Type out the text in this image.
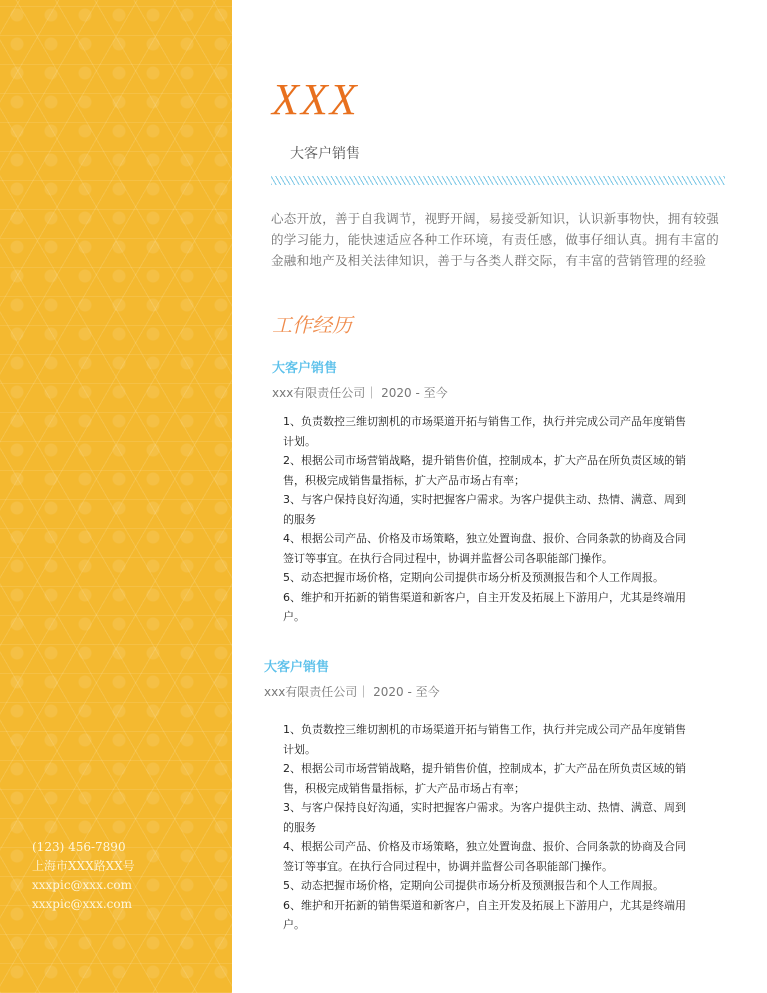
(123) 456-7890
上海市XXX路XX号
xxxpic@xxx.com
xxxpic@xxx.com
XXX
大客户销售

心态开放，善于自我调节，视野开阔，易接受新知识，认识新事物快，拥有较强的学习能力，能快速适应各种工作环境，有责任感，做事仔细认真。拥有丰富的金融和地产及相关法律知识，善于与各类人群交际，有丰富的营销管理的经验

工作经历
大客户销售
xxx有限责任公司｜ 2020 - 至今
1、负责数控三维切割机的市场渠道开拓与销售工作，执行并完成公司产品年度销售计划。
2、根据公司市场营销战略，提升销售价值，控制成本，扩大产品在所负责区域的销售，积极完成销售量指标，扩大产品市场占有率；
3、与客户保持良好沟通，实时把握客户需求。为客户提供主动、热情、满意、周到的服务
4、根据公司产品、价格及市场策略，独立处置询盘、报价、合同条款的协商及合同签订等事宜。在执行合同过程中，协调并监督公司各职能部门操作。
5、动态把握市场价格，定期向公司提供市场分析及预测报告和个人工作周报。
6、维护和开拓新的销售渠道和新客户，自主开发及拓展上下游用户，尤其是终端用户。
大客户销售
xxx有限责任公司｜ 2020 - 至今
1、负责数控三维切割机的市场渠道开拓与销售工作，执行并完成公司产品年度销售计划。
2、根据公司市场营销战略，提升销售价值，控制成本，扩大产品在所负责区域的销售，积极完成销售量指标，扩大产品市场占有率；
3、与客户保持良好沟通，实时把握客户需求。为客户提供主动、热情、满意、周到的服务
4、根据公司产品、价格及市场策略，独立处置询盘、报价、合同条款的协商及合同签订等事宜。在执行合同过程中，协调并监督公司各职能部门操作。
5、动态把握市场价格，定期向公司提供市场分析及预测报告和个人工作周报。
6、维护和开拓新的销售渠道和新客户，自主开发及拓展上下游用户，尤其是终端用户。
